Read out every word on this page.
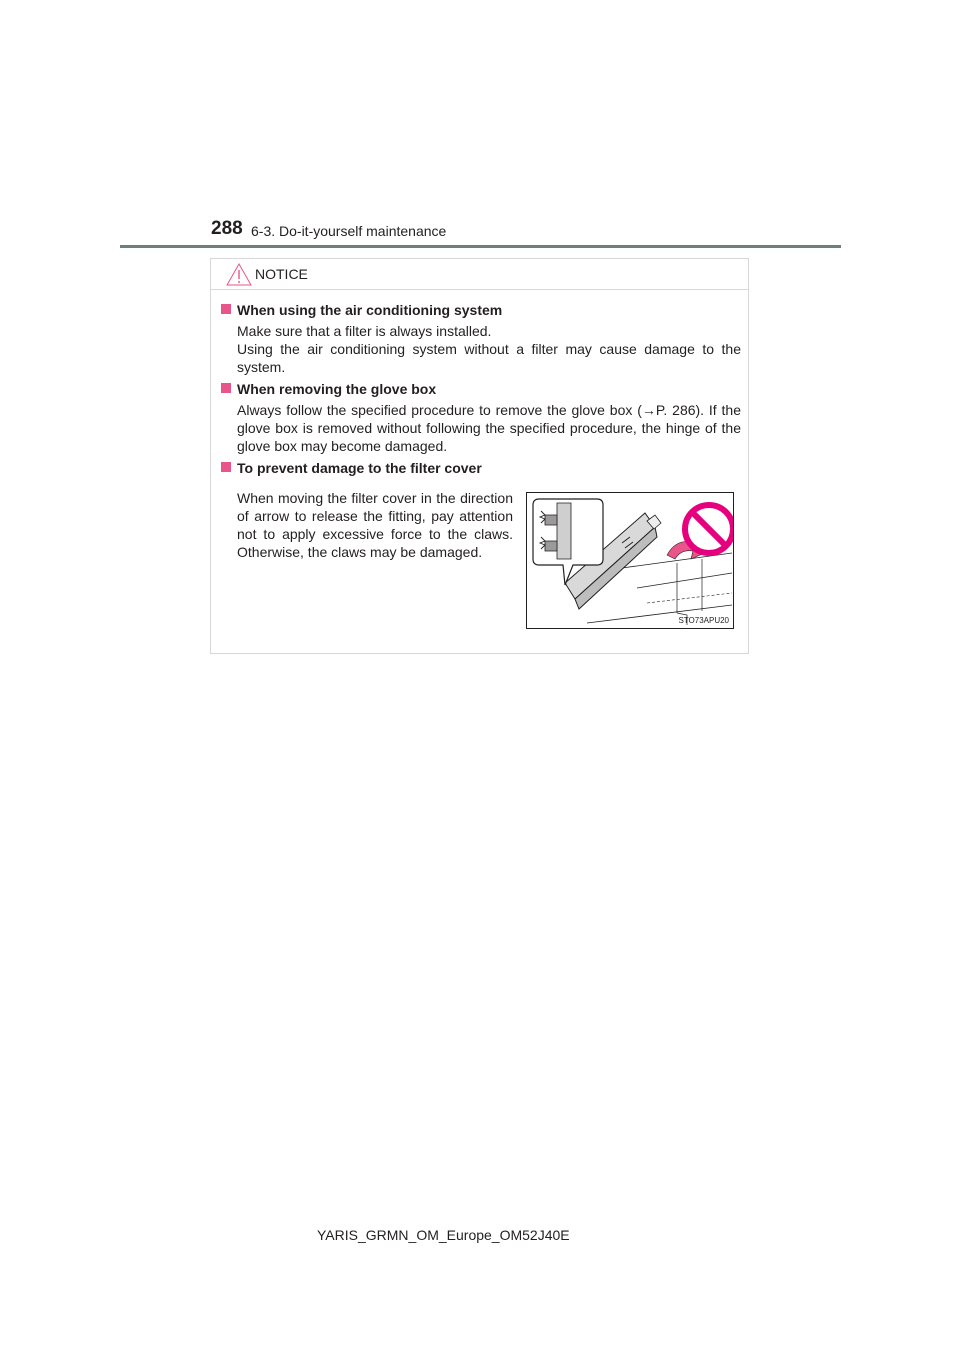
288 6-3. Do-it-yourself maintenance
NOTICE
When using the air conditioning system

Make sure that a filter is always installed.

Using the air conditioning system without a filter may cause damage to the system.

When removing the glove box

Always follow the specified procedure to remove the glove box (→P. 286). If the glove box is removed without following the specified procedure, the hinge of the glove box may become damaged.

To prevent damage to the filter cover
When moving the filter cover in the direction of arrow to release the fitting, pay attention not to apply excessive force to the claws. Otherwise, the claws may be damaged.
STO73APU20
YARIS_GRMN_OM_Europe_OM52J40E
